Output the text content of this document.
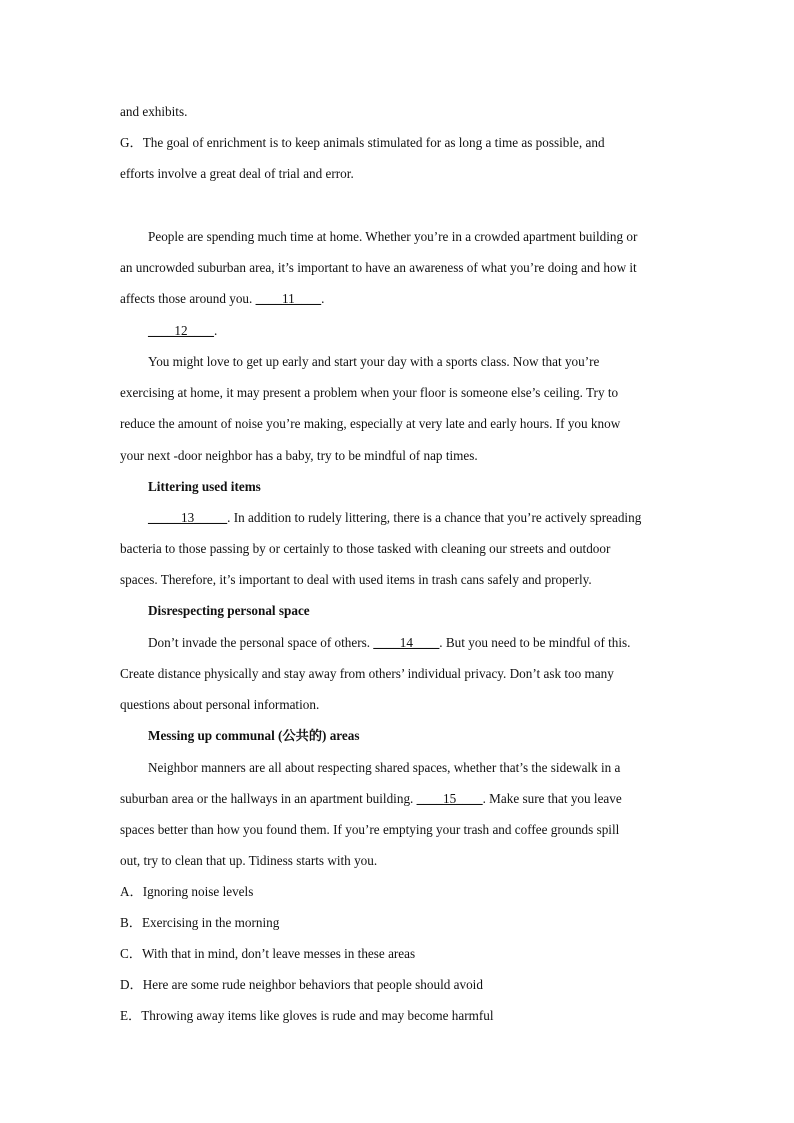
and exhibits.
G．The goal of enrichment is to keep animals stimulated for as long a time as possible, and
efforts involve a great deal of trial and error.
People are spending much time at home. Whether you’re in a crowded apartment building or
an uncrowded suburban area, it’s important to have an awareness of what you’re doing and how it
affects those around you. ____11____.
____12____.
You might love to get up early and start your day with a sports class. Now that you’re
exercising at home, it may present a problem when your floor is someone else’s ceiling. Try to
reduce the amount of noise you’re making, especially at very late and early hours. If you know
your next -door neighbor has a baby, try to be mindful of nap times.
Littering used items
_____13_____. In addition to rudely littering, there is a chance that you’re actively spreading
bacteria to those passing by or certainly to those tasked with cleaning our streets and outdoor
spaces. Therefore, it’s important to deal with used items in trash cans safely and properly.
Disrespecting personal space
Don’t invade the personal space of others. ____14____. But you need to be mindful of this.
Create distance physically and stay away from others’ individual privacy. Don’t ask too many
questions about personal information.
Messing up communal (公共的) areas
Neighbor manners are all about respecting shared spaces, whether that’s the sidewalk in a
suburban area or the hallways in an apartment building. ____15____. Make sure that you leave
spaces better than how you found them. If you’re emptying your trash and coffee grounds spill
out, try to clean that up. Tidiness starts with you.
A．Ignoring noise levels
B．Exercising in the morning
C．With that in mind, don’t leave messes in these areas
D．Here are some rude neighbor behaviors that people should avoid
E．Throwing away items like gloves is rude and may become harmful
